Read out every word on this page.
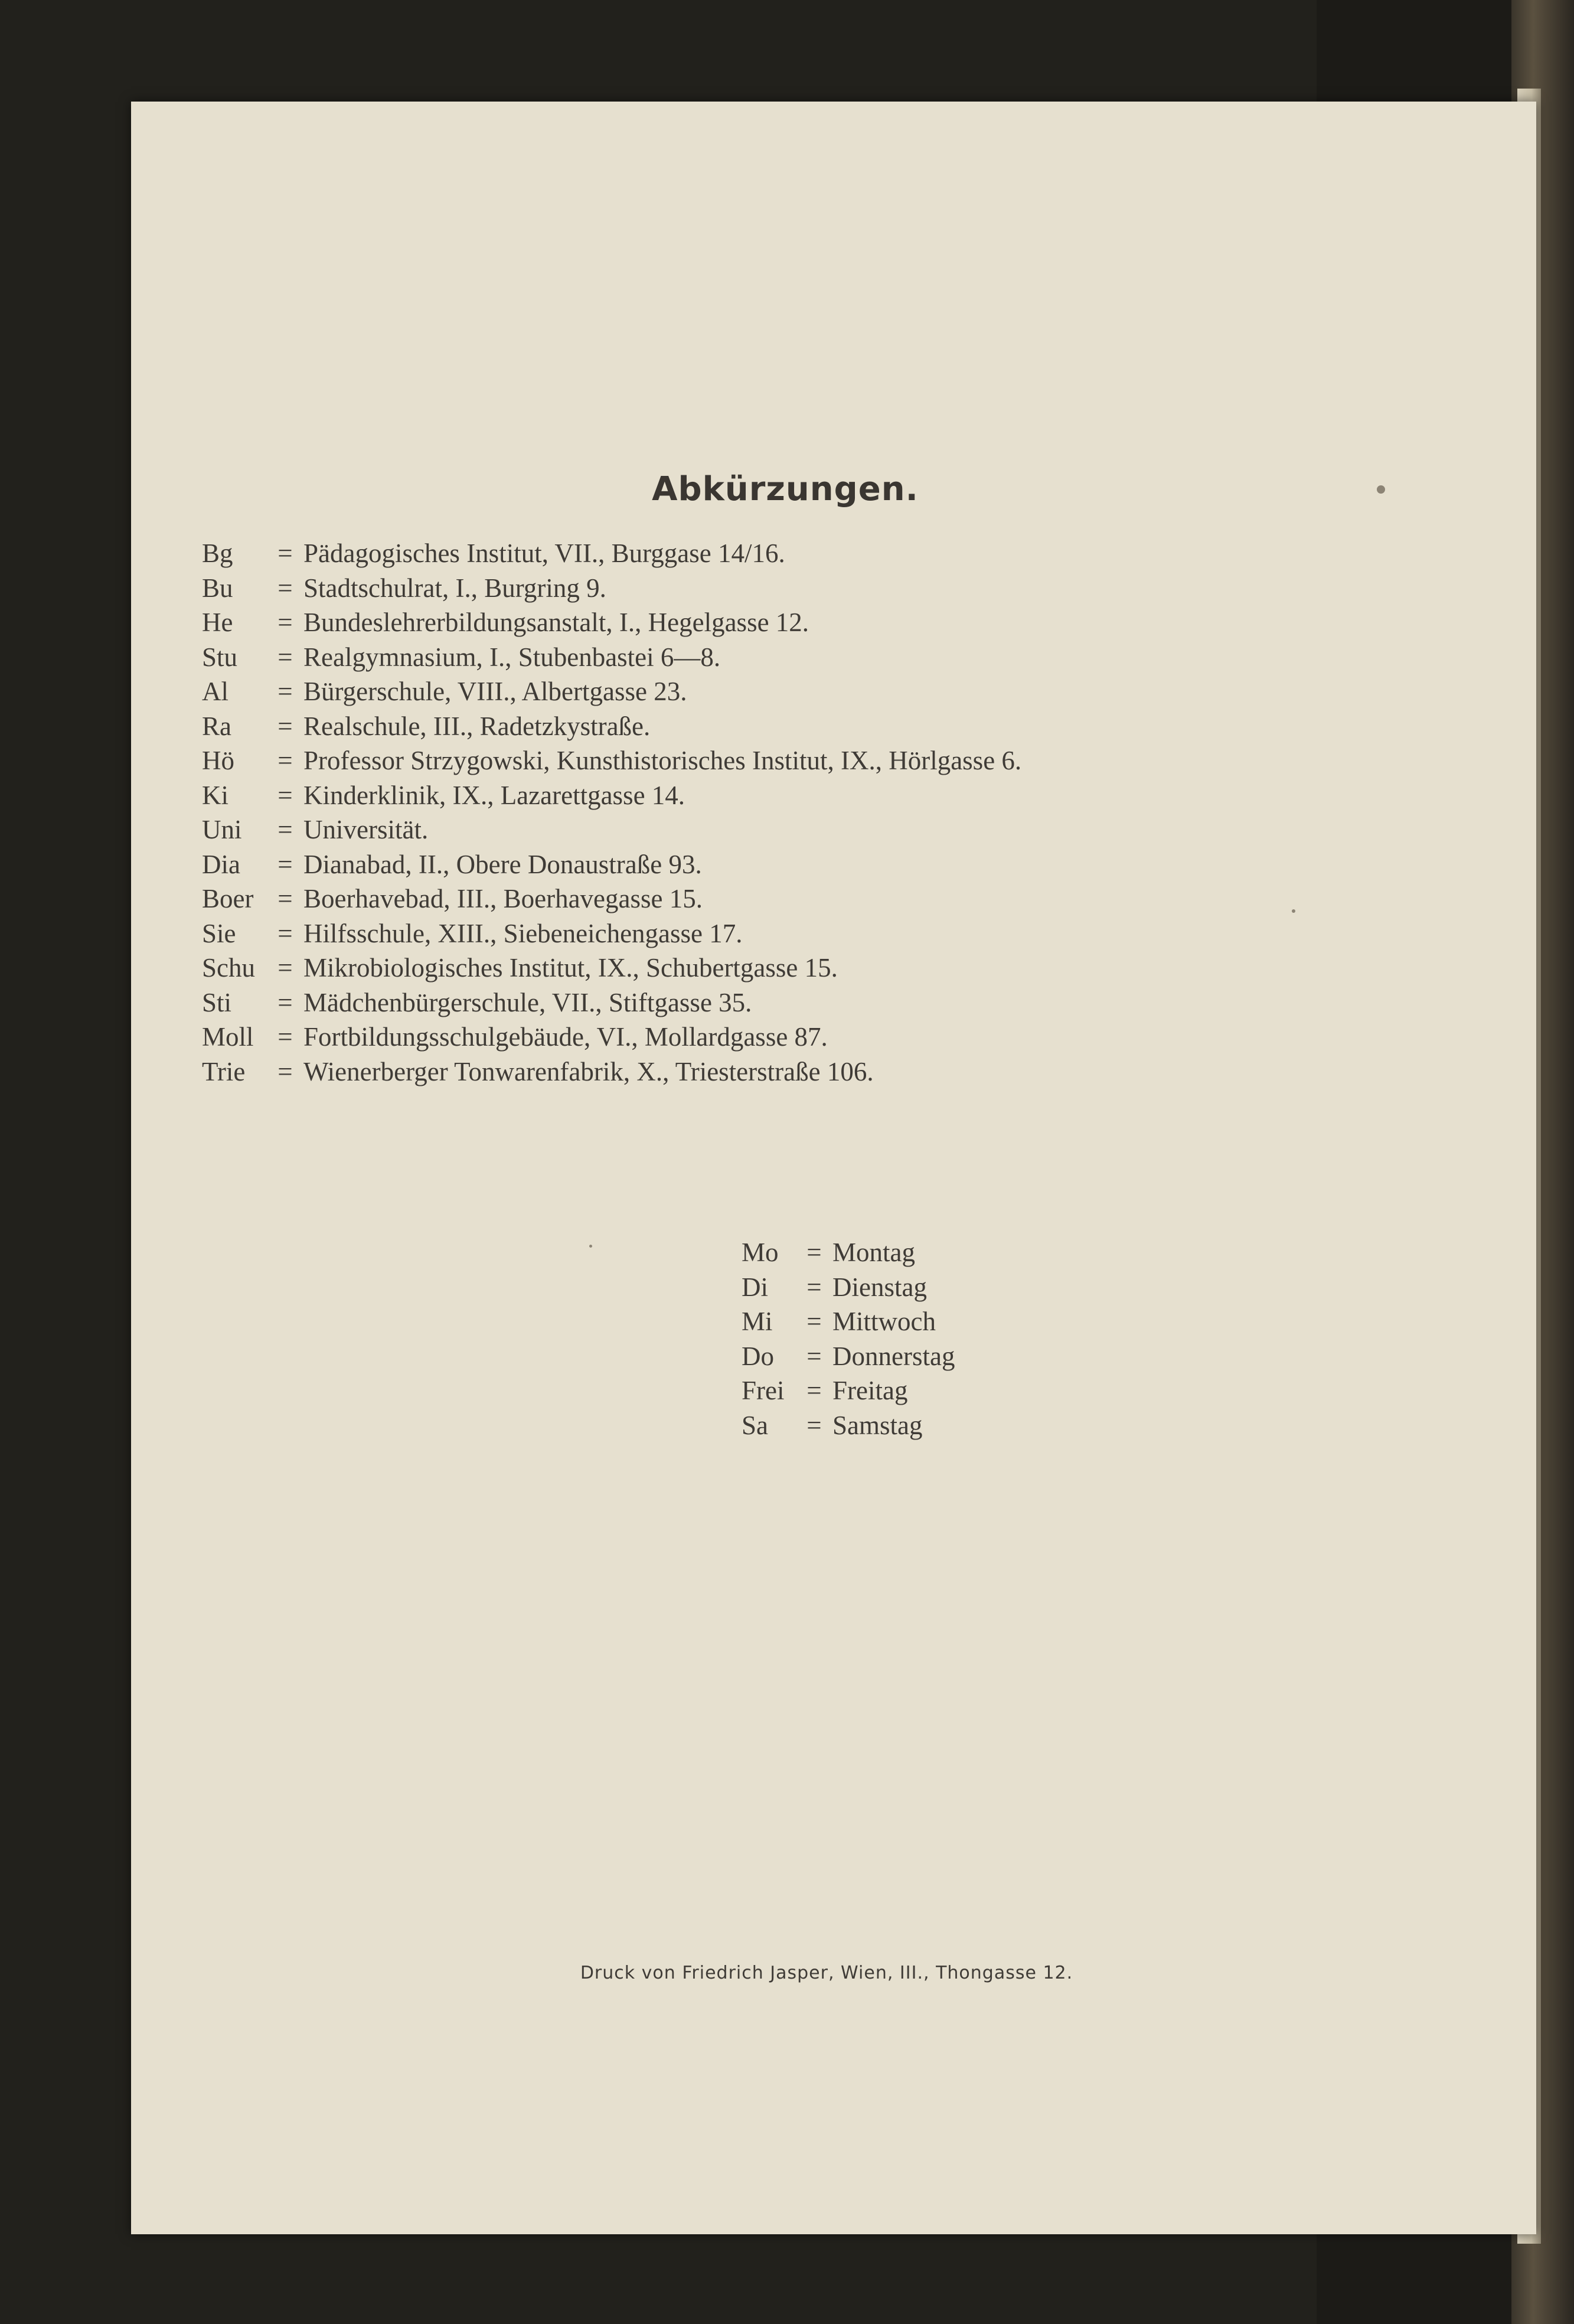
Abkürzungen.
Bg	= Pädagogisches Institut, VII., Burggase 14/16.
Bu	= Stadtschulrat, I., Burgring 9.
He	= Bundeslehrerbildungsanstalt, I., Hegelgasse 12.
Stu	= Realgymnasium, I., Stubenbastei 6—8.
Al	= Bürgerschule, VIII., Albertgasse 23.
Ra	= Realschule, III., Radetzkystraße.
Hö	= Professor Strzygowski, Kunsthistorisches Institut, IX., Hörlgasse 6.
Ki	= Kinderklinik, IX., Lazarettgasse 14.
Uni	= Universität.
Dia	= Dianabad, II., Obere Donaustraße 93.
Boer = Boerhavebad, III., Boerhavegasse 15.
Sie	= Hilfsschule, XIII., Siebeneichengasse 17.
Schu = Mikrobiologisches Institut, IX., Schubertgasse 15.
Sti	= Mädchenbürgerschule, VII., Stiftgasse 35.
Moll = Fortbildungsschulgebäude, VI., Mollardgasse 87.
Trie	= Wienerberger Tonwarenfabrik, X., Triesterstraße 106.
Mo	= Montag
Di	= Dienstag
Mi	= Mittwoch
Do	= Donnerstag
Frei = Freitag
Sa	= Samstag
Druck von Friedrich Jasper, Wien, III., Thongasse 12.
